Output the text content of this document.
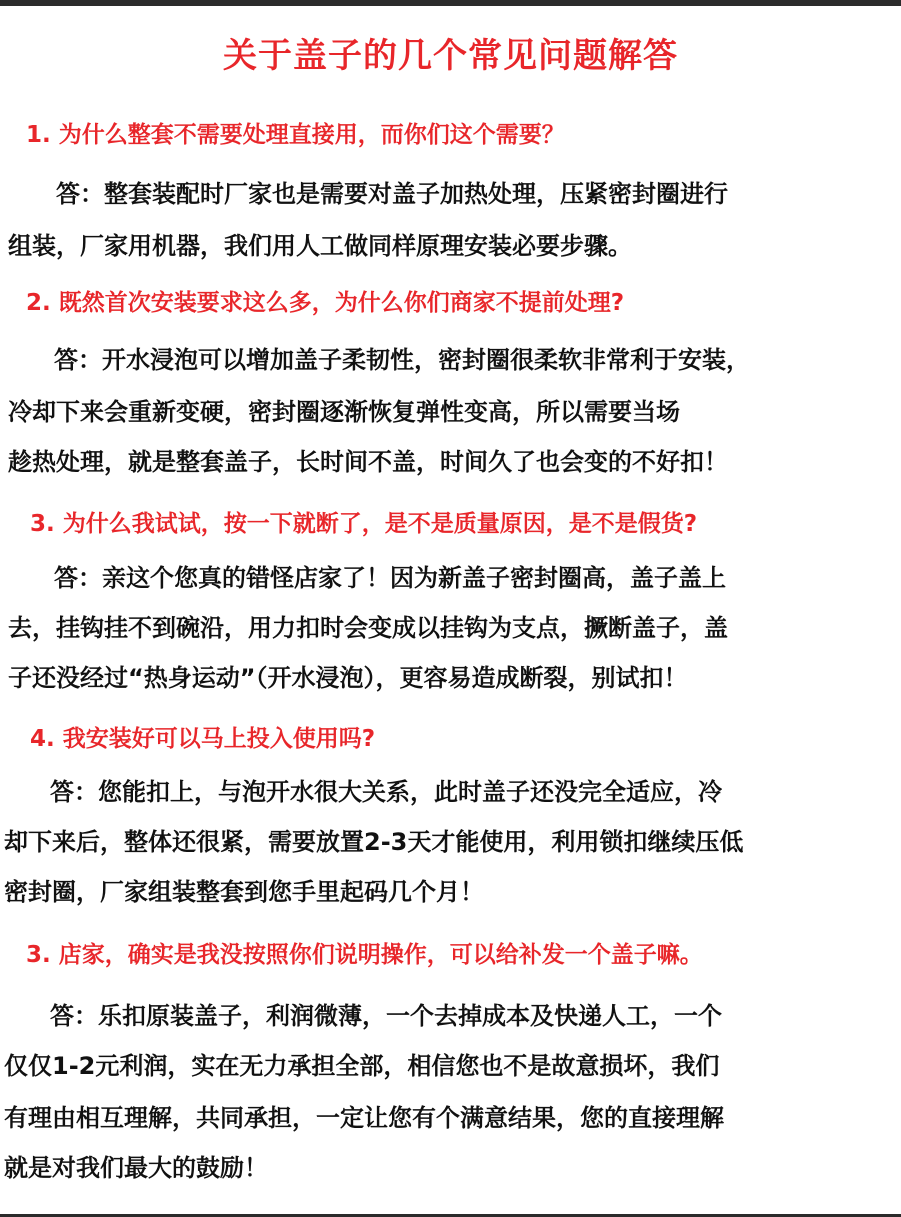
关于盖子的几个常见问题解答
1. 为什么整套不需要处理直接用，而你们这个需要？
答：整套装配时厂家也是需要对盖子加热处理，压紧密封圈进行
组装，厂家用机器，我们用人工做同样原理安装必要步骤。
2. 既然首次安装要求这么多，为什么你们商家不提前处理?
答：开水浸泡可以增加盖子柔韧性，密封圈很柔软非常利于安装，
冷却下来会重新变硬，密封圈逐渐恢复弹性变高，所以需要当场
趁热处理，就是整套盖子，长时间不盖，时间久了也会变的不好扣！
3. 为什么我试试，按一下就断了，是不是质量原因，是不是假货?
答：亲这个您真的错怪店家了！因为新盖子密封圈高，盖子盖上
去，挂钩挂不到碗沿，用力扣时会变成以挂钩为支点，撅断盖子，盖
子还没经过“热身运动”（开水浸泡），更容易造成断裂，别试扣！
4. 我安装好可以马上投入使用吗?
答：您能扣上，与泡开水很大关系，此时盖子还没完全适应，冷
却下来后，整体还很紧，需要放置2-3天才能使用，利用锁扣继续压低
密封圈，厂家组装整套到您手里起码几个月！
3. 店家，确实是我没按照你们说明操作，可以给补发一个盖子嘛。
答：乐扣原装盖子，利润微薄，一个去掉成本及快递人工，一个
仅仅1-2元利润，实在无力承担全部，相信您也不是故意损坏，我们
有理由相互理解，共同承担，一定让您有个满意结果，您的直接理解
就是对我们最大的鼓励！
